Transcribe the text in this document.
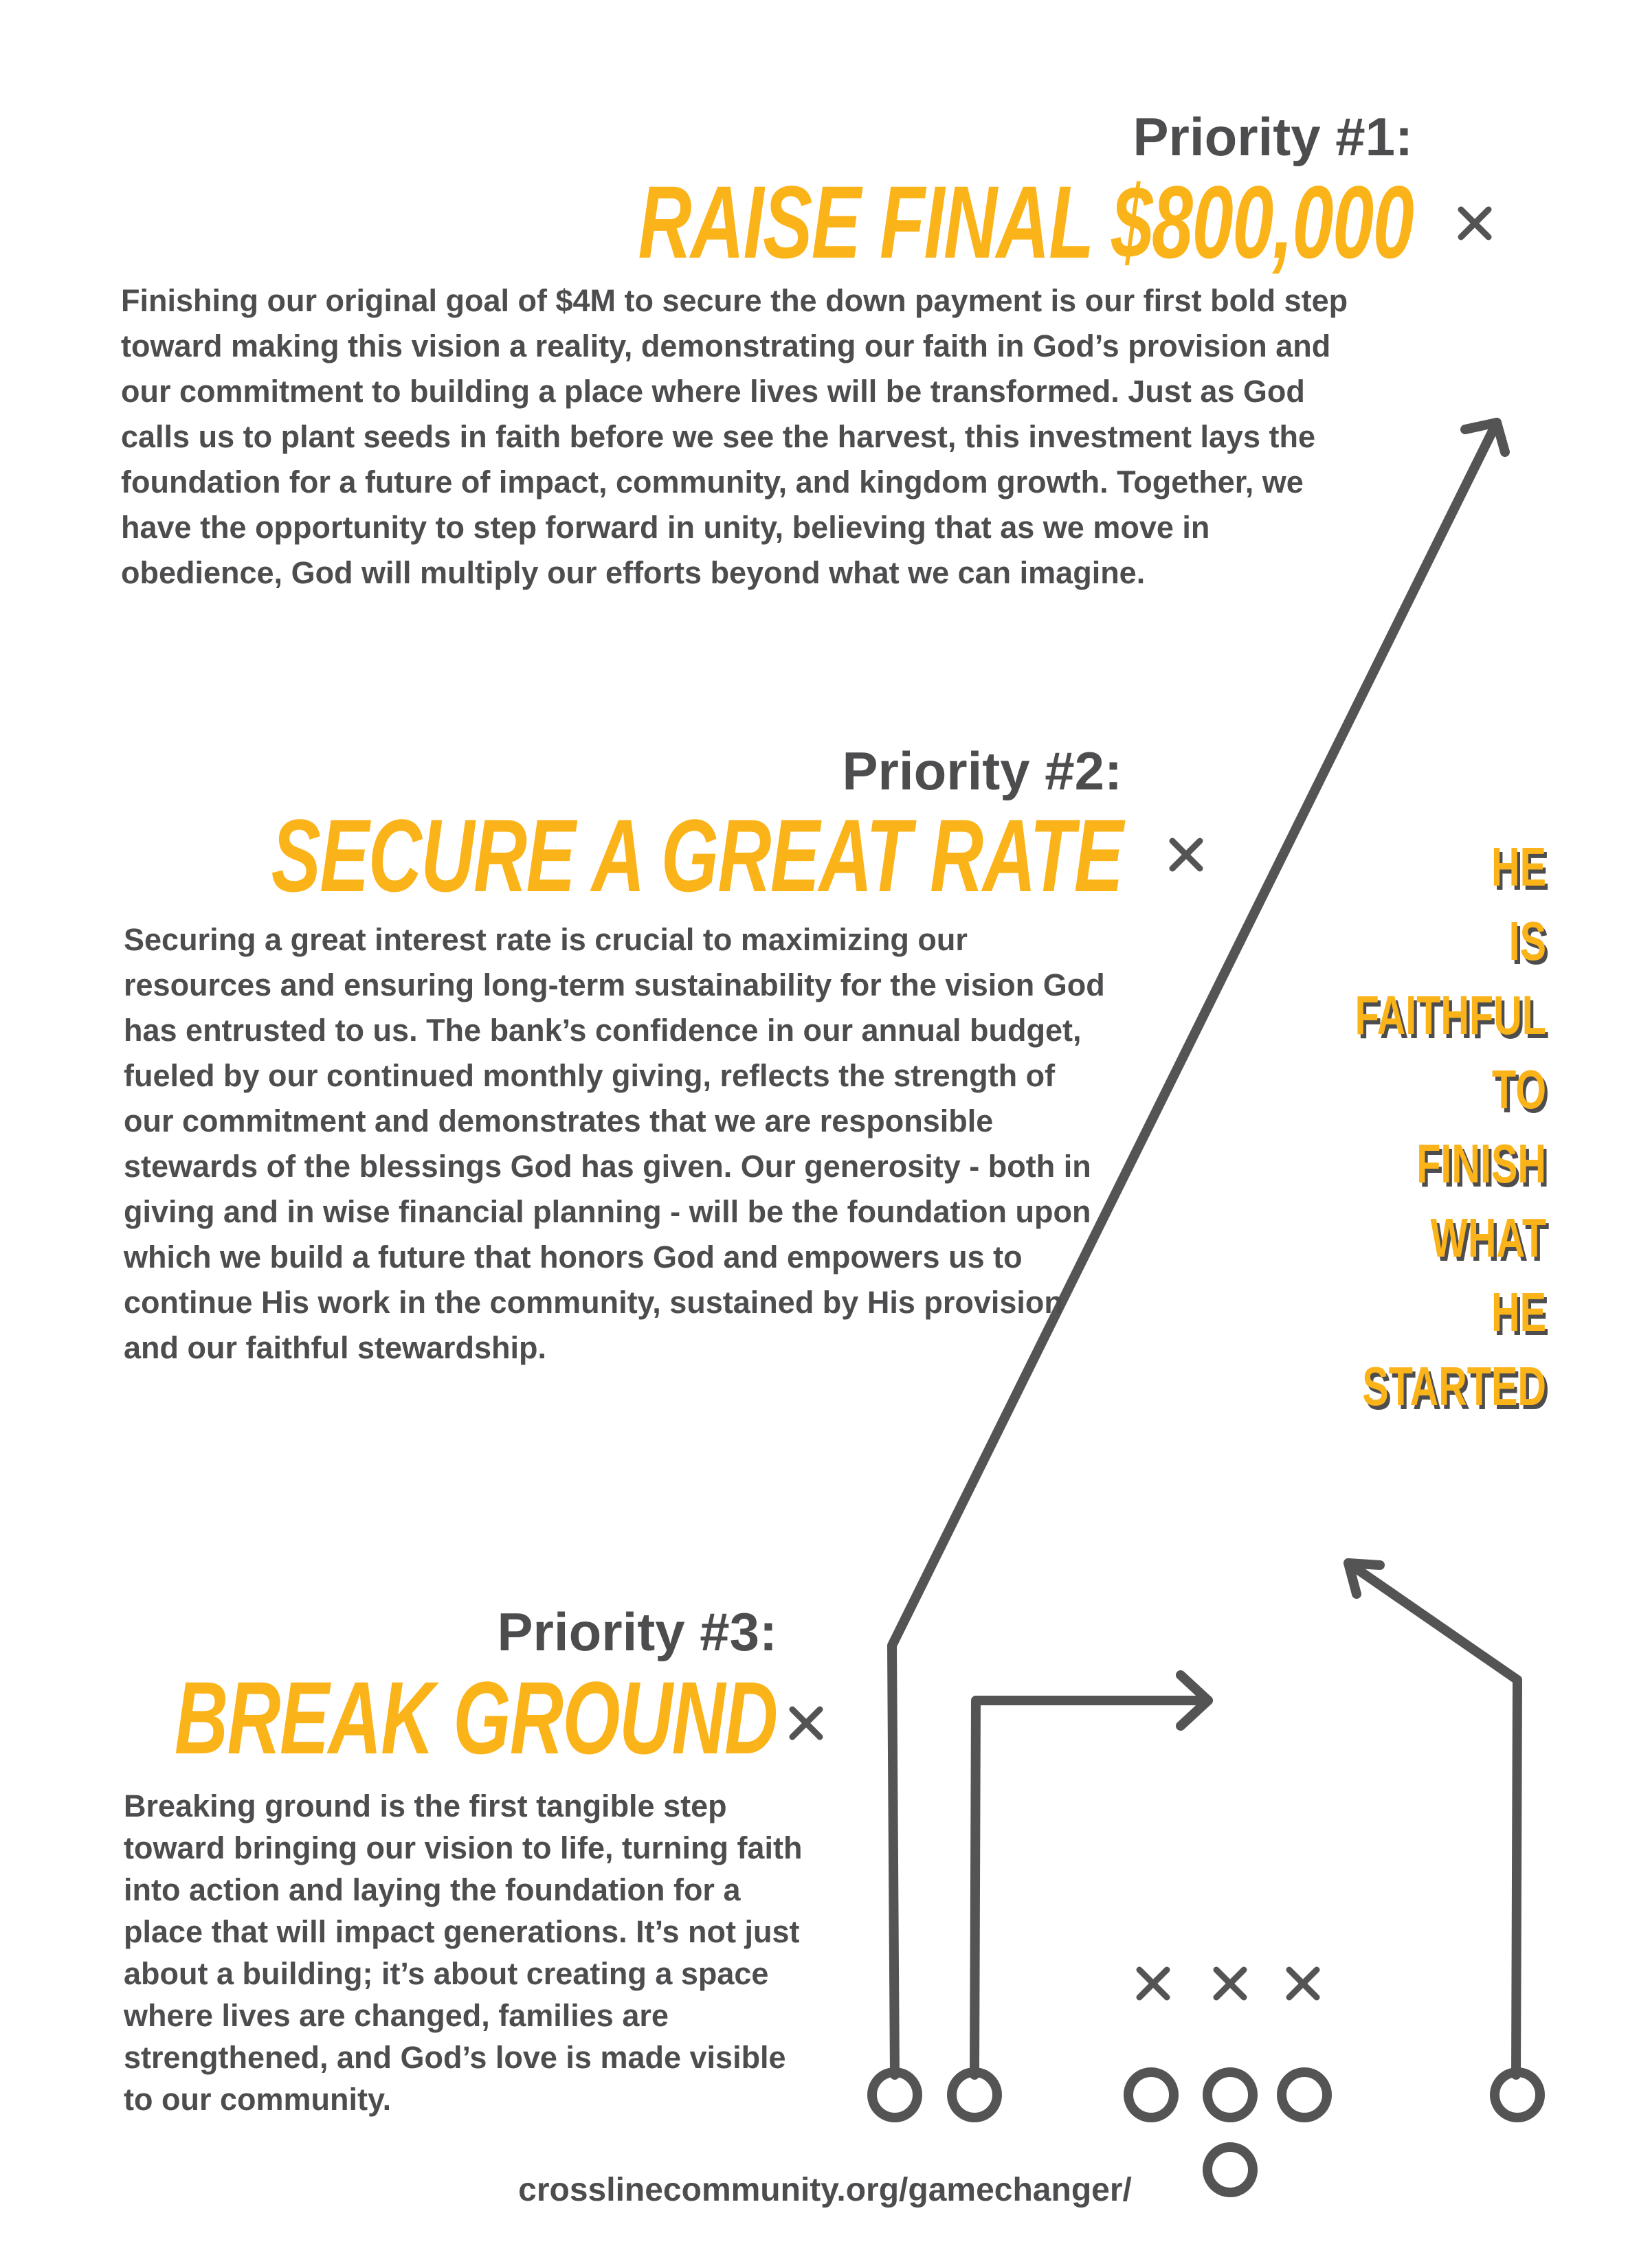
Priority #1:
RAISE FINAL $800,000

Finishing our original goal of $4M to secure the down payment is our first bold step toward making this vision a reality, demonstrating our faith in God’s provision and our commitment to building a place where lives will be transformed. Just as God calls us to plant seeds in faith before we see the harvest, this investment lays the foundation for a future of impact, community, and kingdom growth. Together, we have the opportunity to step forward in unity, believing that as we move in obedience, God will multiply our efforts beyond what we can imagine.

Priority #2:
SECURE A GREAT RATE

Securing a great interest rate is crucial to maximizing our resources and ensuring long-term sustainability for the vision God has entrusted to us. The bank’s confidence in our annual budget, fueled by our continued monthly giving, reflects the strength of our commitment and demonstrates that we are responsible stewards of the blessings God has given. Our generosity - both in giving and in wise financial planning - will be the foundation upon which we build a future that honors God and empowers us to continue His work in the community, sustained by His provision and our faithful stewardship.

Priority #3:
BREAK GROUND

Breaking ground is the first tangible step toward bringing our vision to life, turning faith into action and laying the foundation for a place that will impact generations. It’s not just about a building; it’s about creating a space where lives are changed, families are strengthened, and God’s love is made visible to our community.

HE
IS
FAITHFUL
TO
FINISH
WHAT
HE
STARTED
crosslinecommunity.org/gamechanger/
